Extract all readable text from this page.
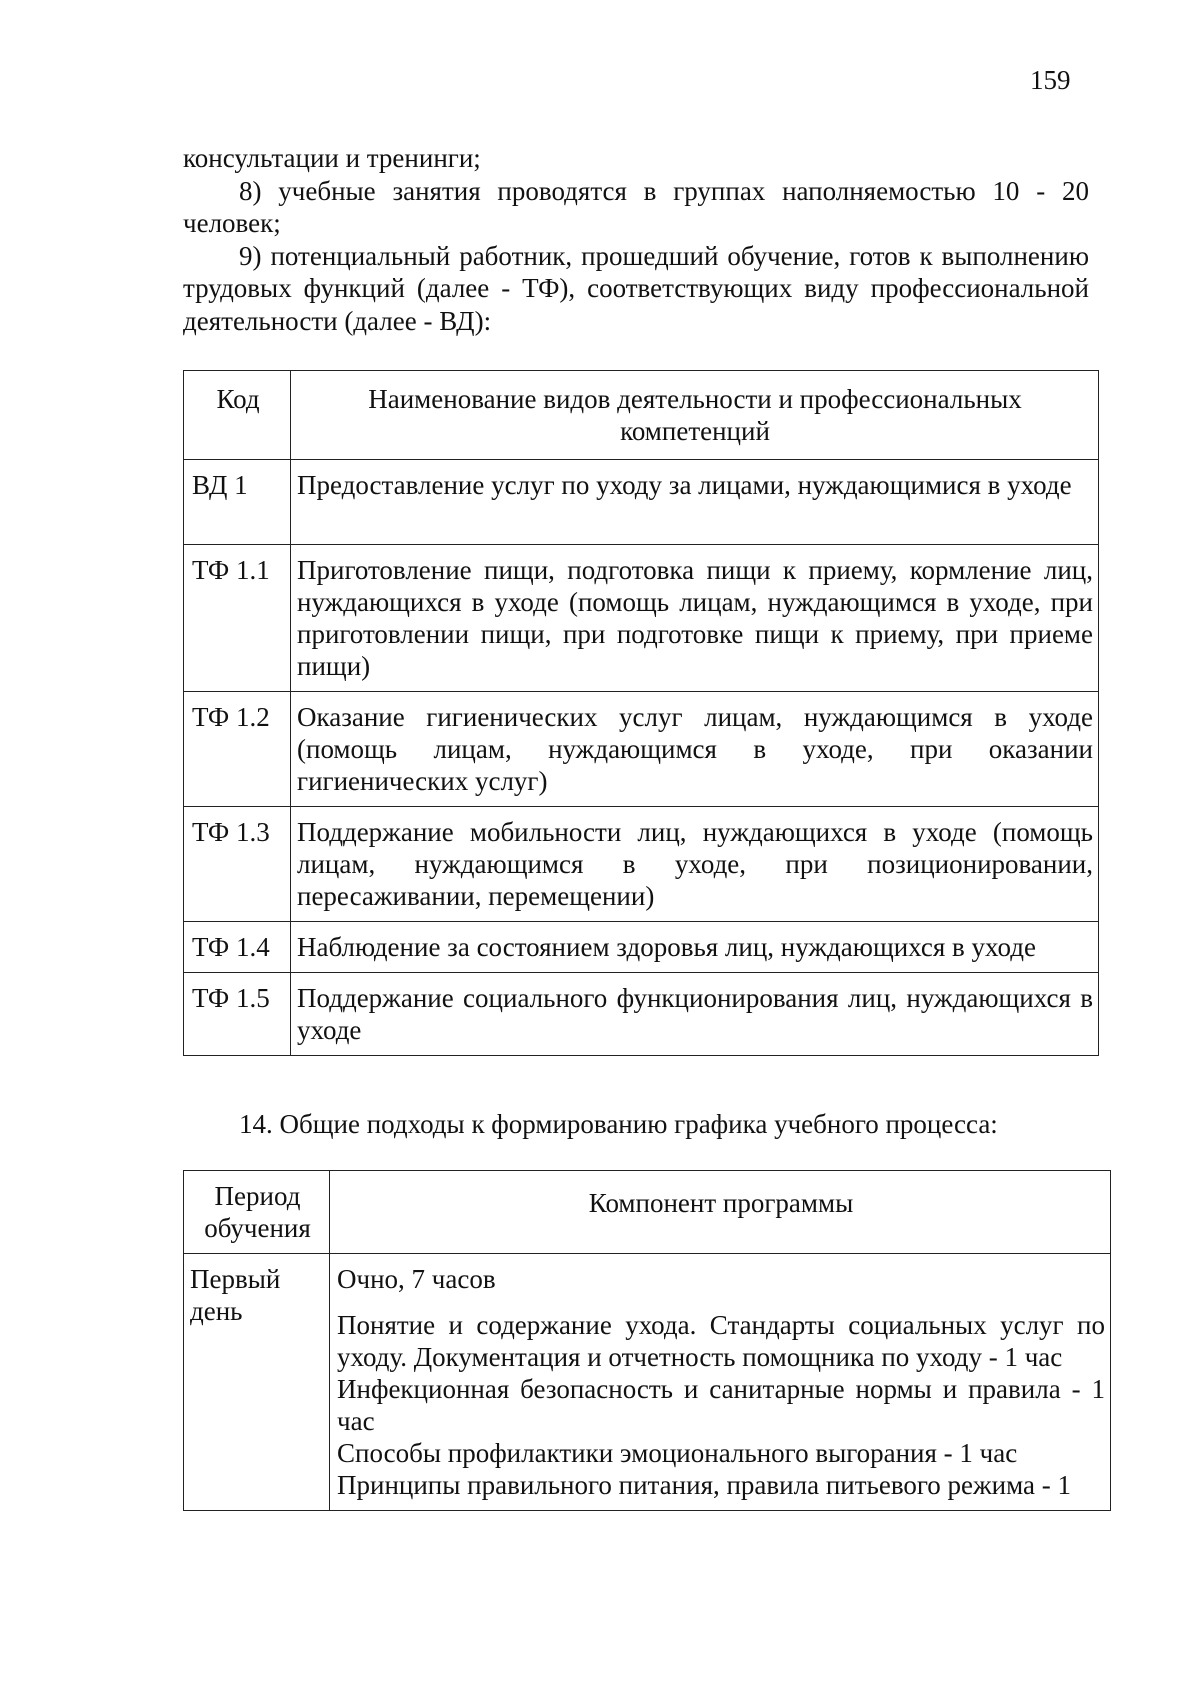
159

консультации и тренинги;

8) учебные занятия проводятся в группах наполняемостью 10 - 20 человек;

9) потенциальный работник, прошедший обучение, готов к выполнению трудовых функций (далее - ТФ), соответствующих виду профессиональной деятельности (далее - ВД):

Код	Наименование видов деятельности и профессиональных компетенций
ВД 1	Предоставление услуг по уходу за лицами, нуждающимися в уходе
ТФ 1.1	Приготовление пищи, подготовка пищи к приему, кормление лиц, нуждающихся в уходе (помощь лицам, нуждающимся в уходе, при приготовлении пищи, при подготовке пищи к приему, при приеме пищи)
ТФ 1.2	Оказание гигиенических услуг лицам, нуждающимся в уходе (помощь лицам, нуждающимся в уходе, при оказании гигиенических услуг)
ТФ 1.3	Поддержание мобильности лиц, нуждающихся в уходе (помощь лицам, нуждающимся в уходе, при позиционировании, пересаживании, перемещении)
ТФ 1.4	Наблюдение за состоянием здоровья лиц, нуждающихся в уходе
ТФ 1.5	Поддержание социального функционирования лиц, нуждающихся в уходе
14. Общие подходы к формированию графика учебного процесса:
Период обучения	Компонент программы
Первый день	Очно, 7 часов
Понятие и содержание ухода. Стандарты социальных услуг по уходу. Документация и отчетность помощника по уходу - 1 час
Инфекционная безопасность и санитарные нормы и правила - 1 час
Способы профилактики эмоционального выгорания - 1 час
Принципы правильного питания, правила питьевого режима - 1
